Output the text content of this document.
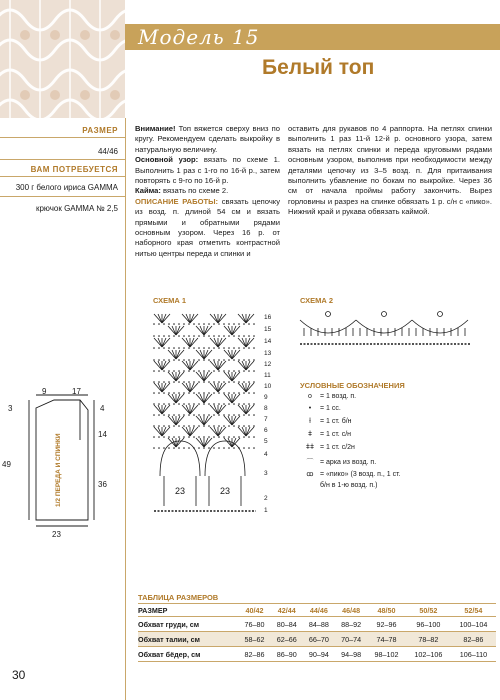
Модель 15
Белый топ
РАЗМЕР
44/46
ВАМ ПОТРЕБУЕТСЯ
300 г белого ириса GAMMA
крючок GAMMA № 2,5

Внимание! Топ вяжется сверху вниз по кругу. Рекомендуем сделать выкройку в натуральную величину.

Основной узор: вязать по схеме 1. Выполнить 1 раз с 1-го по 16-й р., затем повторять с 9-го по 16-й р.

Кайма: вязать по схеме 2.

ОПИСАНИЕ РАБОТЫ: связать цепочку из возд. п. длиной 54 см и вязать прямыми и обратными рядами основным узором. Через 16 р. от наборного края отметить контрастной нитью центры переда и спинки и

оставить для рукавов по 4 раппорта. На петлях спинки выполнить 1 раз 11-й 12-й р. основного узора, затем вязать на петлях спинки и переда круговыми рядами основным узором, выполнив при необходимости между деталями цепочку из 3–5 возд. п. Для притаивания выполнить убавление по бокам по выкройке. Через 36 см от начала проймы работу закончить. Вырез горловины и разрез на спинке обвязать 1 р. с/н с «пико». Нижний край и рукава обвязать каймой.

СХЕМА 1
16
15
14
13
12
11
10
9
8
7
6
5
4
3
2
1
23	23
СХЕМА 2
УСЛОВНЫЕ ОБОЗНАЧЕНИЯ
o = 1 возд. п.
• = 1 сс.
ƚ = 1 ст. б/н
ǂ = 1 ст. с/н
ǂǂ = 1 ст. с/2н
⌒ = арка из возд. п.
ꝏ = «пико» (3 возд. п., 1 ст.
б/н в 1-ю возд. п.)
9	17
3	4
14
49
36
23
1/2 ПЕРЕДА И СПИНКИ
ТАБЛИЦА РАЗМЕРОВ
РАЗМЕР	40/42	42/44	44/46	46/48	48/50	50/52	52/54
Обхват груди, см	76–80	80–84	84–88	88–92	92–96	96–100	100–104
Обхват талии, см	58–62	62–66	66–70	70–74	74–78	78–82	82–86
Обхват бёдер, см	82–86	86–90	90–94	94–98	98–102	102–106	106–110
30
